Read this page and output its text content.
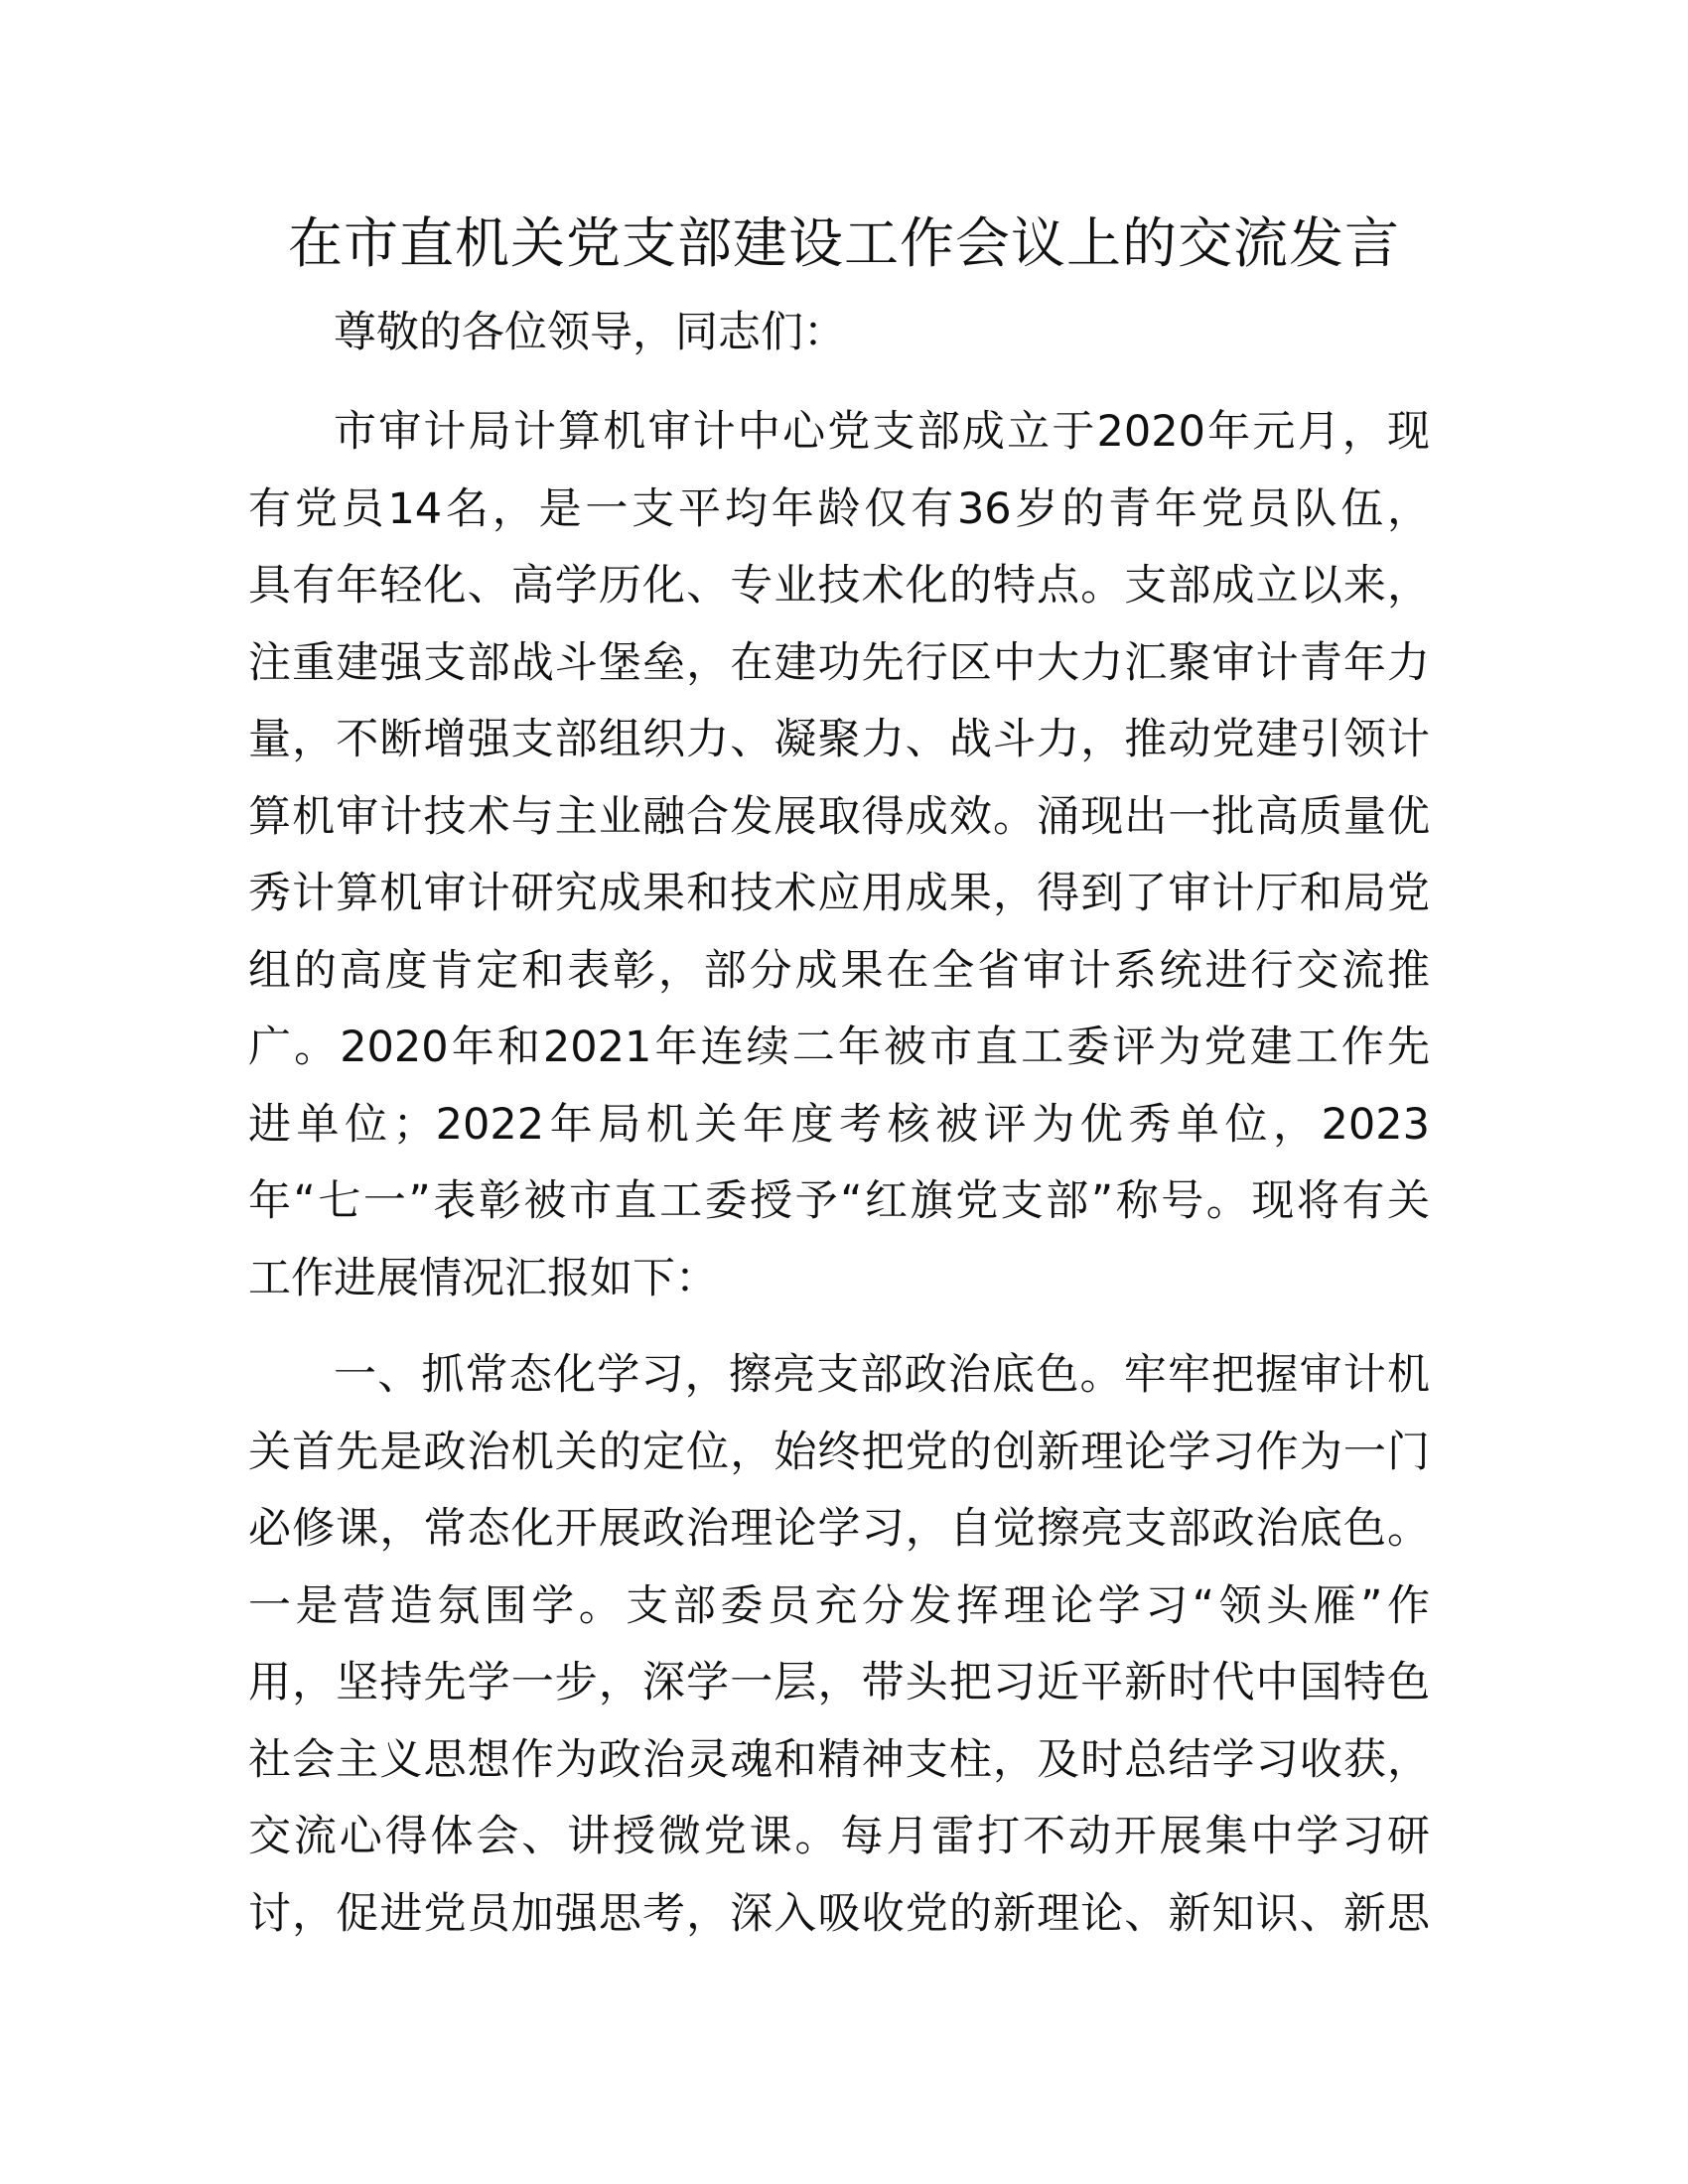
在市直机关党支部建设工作会议上的交流发言

尊敬的各位领导，同志们：

市审计局计算机审计中心党支部成立于2020年元月，现

有党员14名，是一支平均年龄仅有36岁的青年党员队伍，

具有年轻化、高学历化、专业技术化的特点。支部成立以来，

注重建强支部战斗堡垒，在建功先行区中大力汇聚审计青年力

量，不断增强支部组织力、凝聚力、战斗力，推动党建引领计

算机审计技术与主业融合发展取得成效。涌现出一批高质量优

秀计算机审计研究成果和技术应用成果，得到了审计厅和局党

组的高度肯定和表彰，部分成果在全省审计系统进行交流推

广。2020年和2021年连续二年被市直工委评为党建工作先

进单位；2022年局机关年度考核被评为优秀单位，2023

年“七一”表彰被市直工委授予“红旗党支部”称号。现将有关

工作进展情况汇报如下：

一、抓常态化学习，擦亮支部政治底色。牢牢把握审计机

关首先是政治机关的定位，始终把党的创新理论学习作为一门

必修课，常态化开展政治理论学习，自觉擦亮支部政治底色。

一是营造氛围学。支部委员充分发挥理论学习“领头雁”作

用，坚持先学一步，深学一层，带头把习近平新时代中国特色

社会主义思想作为政治灵魂和精神支柱，及时总结学习收获，

交流心得体会、讲授微党课。每月雷打不动开展集中学习研

讨，促进党员加强思考，深入吸收党的新理论、新知识、新思
